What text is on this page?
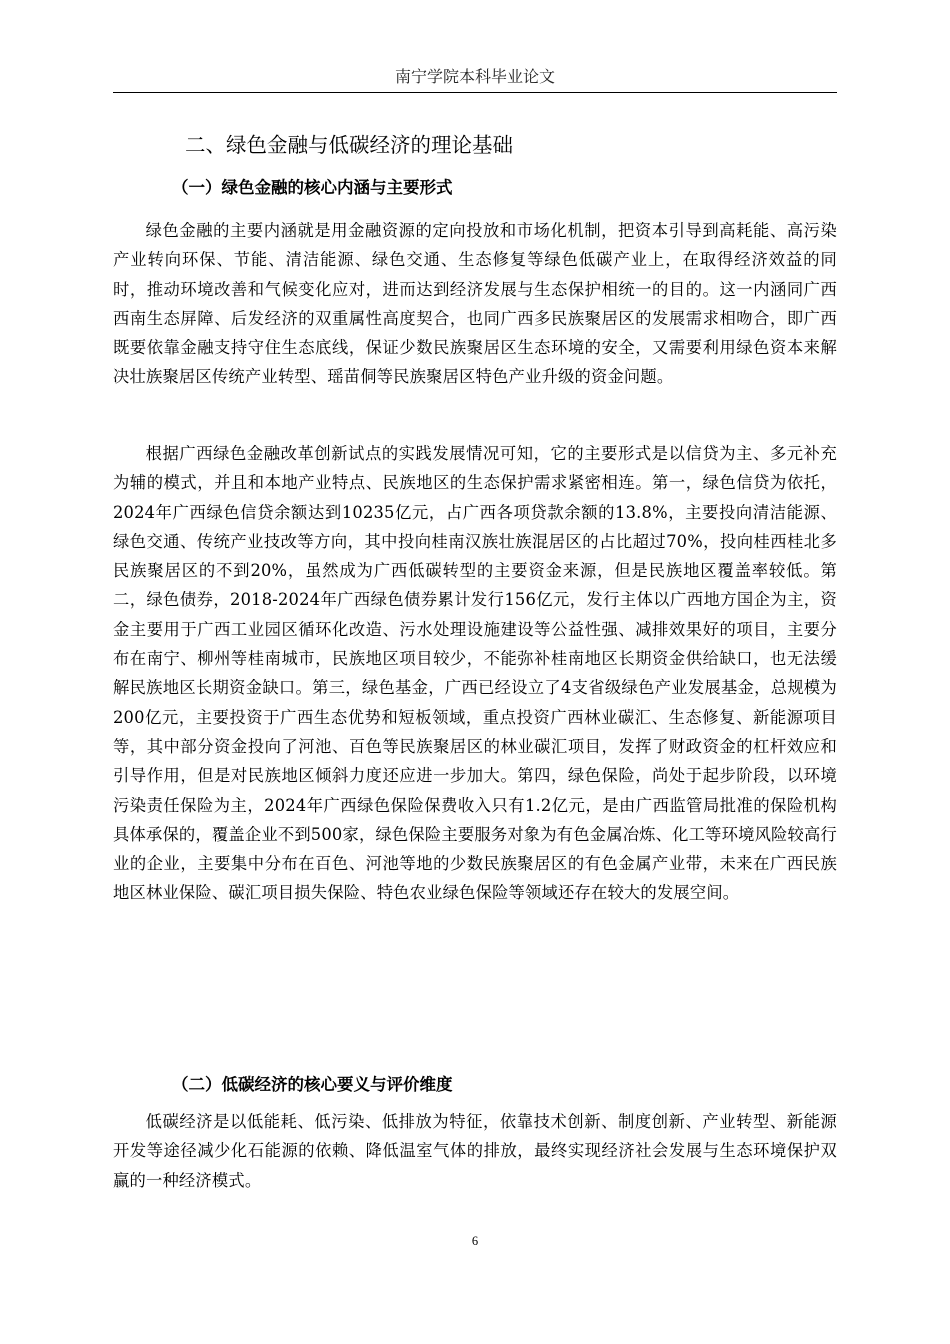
南宁学院本科毕业论文
二、绿色金融与低碳经济的理论基础
（一）绿色金融的核心内涵与主要形式

绿色金融的主要内涵就是用金融资源的定向投放和市场化机制，把资本引导到高耗能、高污染产业转向环保、节能、清洁能源、绿色交通、生态修复等绿色低碳产业上，在取得经济效益的同时，推动环境改善和气候变化应对，进而达到经济发展与生态保护相统一的目的。这一内涵同广西西南生态屏障、后发经济的双重属性高度契合，也同广西多民族聚居区的发展需求相吻合，即广西既要依靠金融支持守住生态底线，保证少数民族聚居区生态环境的安全，又需要利用绿色资本来解决壮族聚居区传统产业转型、瑶苗侗等民族聚居区特色产业升级的资金问题。

根据广西绿色金融改革创新试点的实践发展情况可知，它的主要形式是以信贷为主、多元补充为辅的模式，并且和本地产业特点、民族地区的生态保护需求紧密相连。第一，绿色信贷为依托，2024年广西绿色信贷余额达到10235亿元，占广西各项贷款余额的13.8%，主要投向清洁能源、绿色交通、传统产业技改等方向，其中投向桂南汉族壮族混居区的占比超过70%，投向桂西桂北多民族聚居区的不到20%，虽然成为广西低碳转型的主要资金来源，但是民族地区覆盖率较低。第二，绿色债券，2018-2024年广西绿色债券累计发行156亿元，发行主体以广西地方国企为主，资金主要用于广西工业园区循环化改造、污水处理设施建设等公益性强、减排效果好的项目，主要分布在南宁、柳州等桂南城市，民族地区项目较少，不能弥补桂南地区长期资金供给缺口，也无法缓解民族地区长期资金缺口。第三，绿色基金，广西已经设立了4支省级绿色产业发展基金，总规模为200亿元，主要投资于广西生态优势和短板领域，重点投资广西林业碳汇、生态修复、新能源项目等，其中部分资金投向了河池、百色等民族聚居区的林业碳汇项目，发挥了财政资金的杠杆效应和引导作用，但是对民族地区倾斜力度还应进一步加大。第四，绿色保险，尚处于起步阶段，以环境污染责任保险为主，2024年广西绿色保险保费收入只有1.2亿元，是由广西监管局批准的保险机构具体承保的，覆盖企业不到500家，绿色保险主要服务对象为有色金属冶炼、化工等环境风险较高行业的企业，主要集中分布在百色、河池等地的少数民族聚居区的有色金属产业带，未来在广西民族地区林业保险、碳汇项目损失保险、特色农业绿色保险等领域还存在较大的发展空间。

（二）低碳经济的核心要义与评价维度

低碳经济是以低能耗、低污染、低排放为特征，依靠技术创新、制度创新、产业转型、新能源开发等途径减少化石能源的依赖、降低温室气体的排放，最终实现经济社会发展与生态环境保护双赢的一种经济模式。

6
